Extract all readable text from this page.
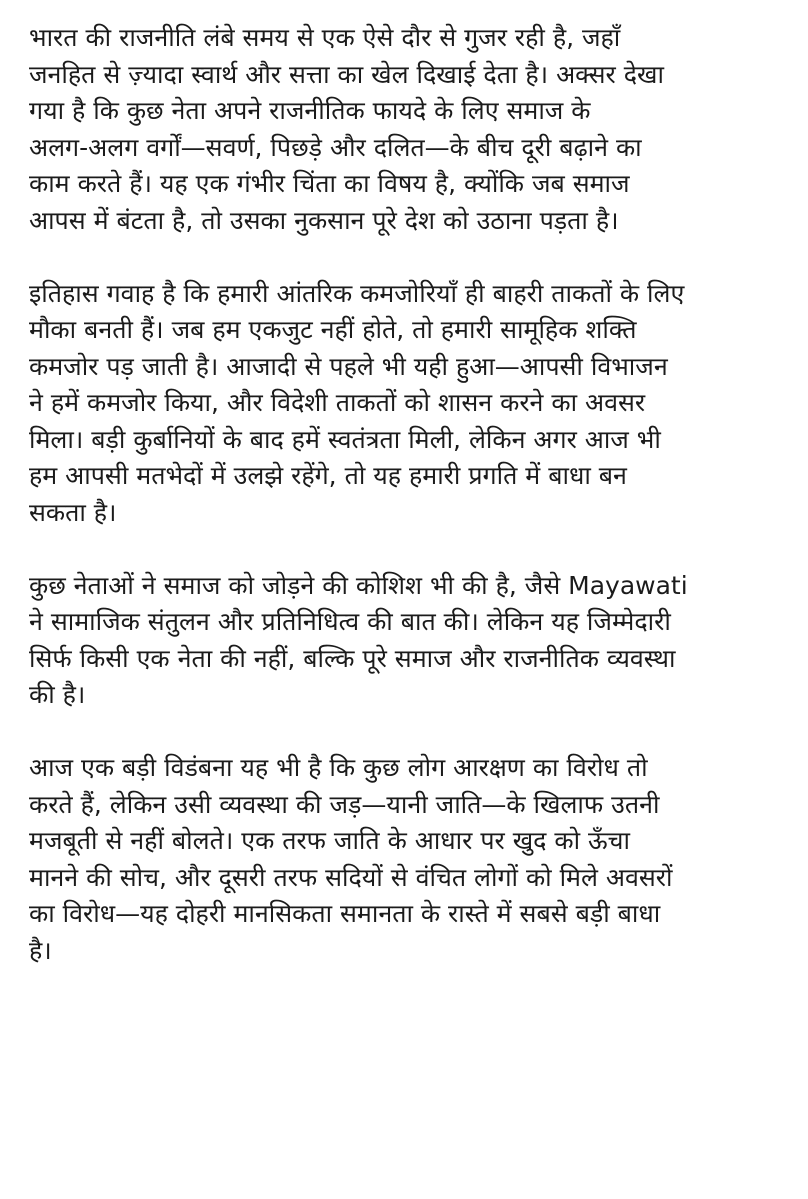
भारत की राजनीति लंबे समय से एक ऐसे दौर से गुजर रही है, जहाँ
जनहित से ज़्यादा स्वार्थ और सत्ता का खेल दिखाई देता है। अक्सर देखा
गया है कि कुछ नेता अपने राजनीतिक फायदे के लिए समाज के
अलग-अलग वर्गों—सवर्ण, पिछड़े और दलित—के बीच दूरी बढ़ाने का
काम करते हैं। यह एक गंभीर चिंता का विषय है, क्योंकि जब समाज
आपस में बंटता है, तो उसका नुकसान पूरे देश को उठाना पड़ता है।

इतिहास गवाह है कि हमारी आंतरिक कमजोरियाँ ही बाहरी ताकतों के लिए
मौका बनती हैं। जब हम एकजुट नहीं होते, तो हमारी सामूहिक शक्ति
कमजोर पड़ जाती है। आजादी से पहले भी यही हुआ—आपसी विभाजन
ने हमें कमजोर किया, और विदेशी ताकतों को शासन करने का अवसर
मिला। बड़ी कुर्बानियों के बाद हमें स्वतंत्रता मिली, लेकिन अगर आज भी
हम आपसी मतभेदों में उलझे रहेंगे, तो यह हमारी प्रगति में बाधा बन
सकता है।

कुछ नेताओं ने समाज को जोड़ने की कोशिश भी की है, जैसे Mayawati
ने सामाजिक संतुलन और प्रतिनिधित्व की बात की। लेकिन यह जिम्मेदारी
सिर्फ किसी एक नेता की नहीं, बल्कि पूरे समाज और राजनीतिक व्यवस्था
की है।

आज एक बड़ी विडंबना यह भी है कि कुछ लोग आरक्षण का विरोध तो
करते हैं, लेकिन उसी व्यवस्था की जड़—यानी जाति—के खिलाफ उतनी
मजबूती से नहीं बोलते। एक तरफ जाति के आधार पर खुद को ऊँचा
मानने की सोच, और दूसरी तरफ सदियों से वंचित लोगों को मिले अवसरों
का विरोध—यह दोहरी मानसिकता समानता के रास्ते में सबसे बड़ी बाधा
है।
